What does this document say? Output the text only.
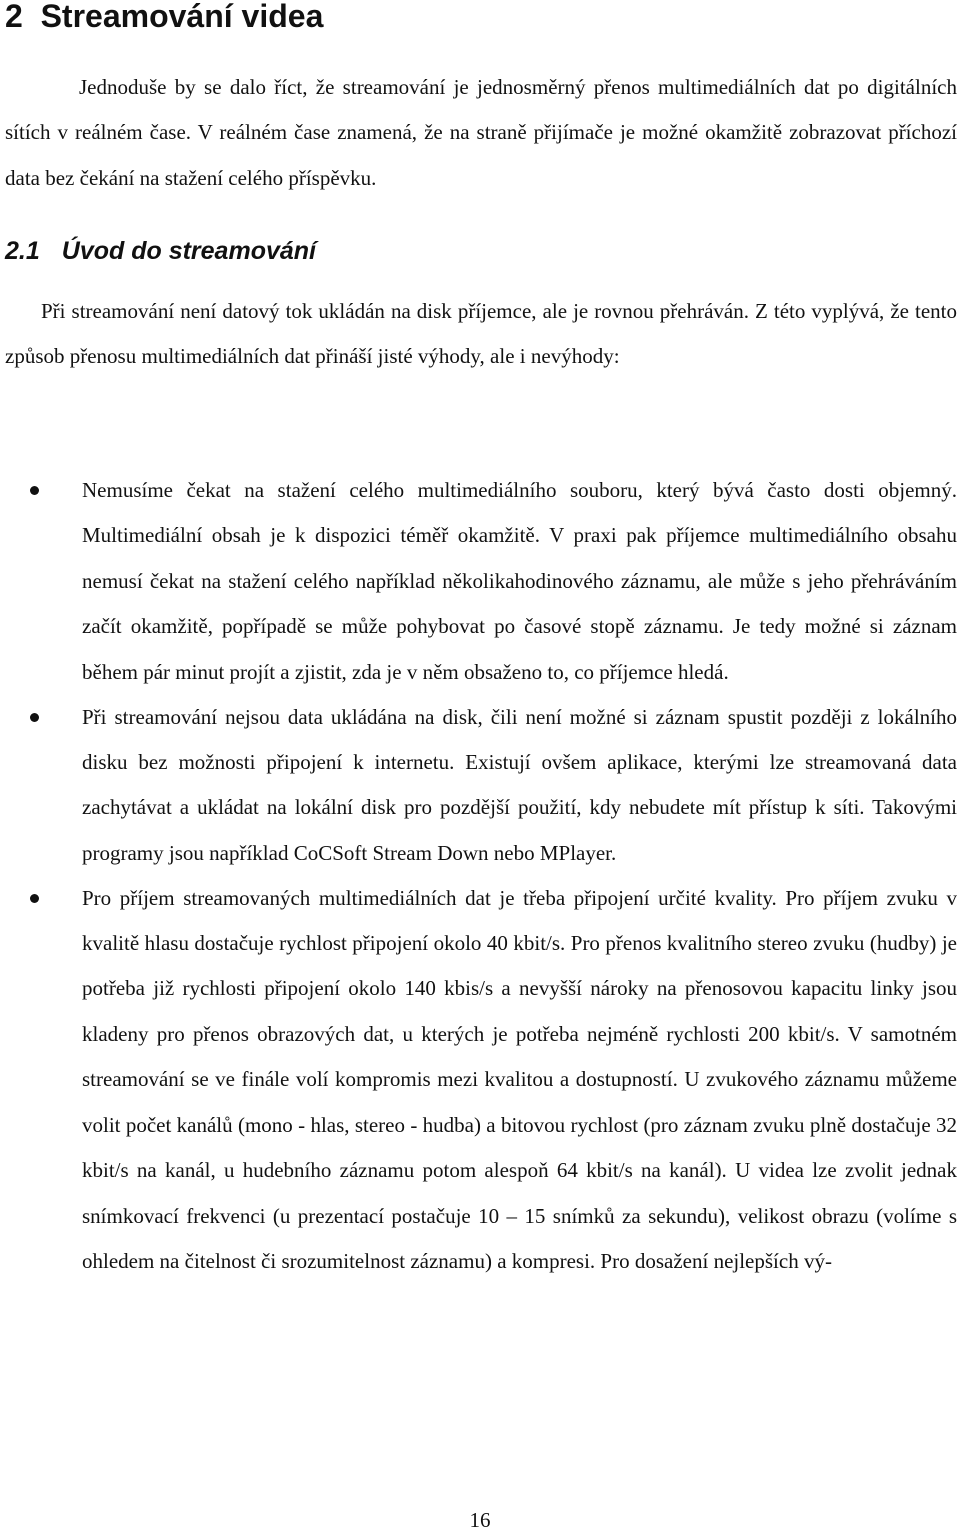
2 Streamování videa

Jednoduše by se dalo říct, že streamování je jednosměrný přenos multimediálních dat po digitálních sítích v reálném čase. V reálném čase znamená, že na straně přijímače je možné okamžitě zobrazovat příchozí data bez čekání na stažení celého příspěvku.

2.1 Úvod do streamování

Při streamování není datový tok ukládán na disk příjemce, ale je rovnou přehráván. Z této vyplývá, že tento způsob přenosu multimediálních dat přináší jisté výhody, ale i nevýhody:

Nemusíme čekat na stažení celého multimediálního souboru, který bývá často dosti objemný. Multimediální obsah je k dispozici téměř okamžitě. V praxi pak příjemce multimediálního obsahu nemusí čekat na stažení celého například několikahodinového záznamu, ale může s jeho přehráváním začít okamžitě, popřípadě se může pohybovat po časové stopě záznamu. Je tedy možné si záznam během pár minut projít a zjistit, zda je v něm obsaženo to, co příjemce hledá.

Při streamování nejsou data ukládána na disk, čili není možné si záznam spustit později z lokálního disku bez možnosti připojení k internetu. Existují ovšem aplikace, kterými lze streamovaná data zachytávat a ukládat na lokální disk pro pozdější použití, kdy nebudete mít přístup k síti. Takovými programy jsou například CoCSoft Stream Down nebo MPlayer.

Pro příjem streamovaných multimediálních dat je třeba připojení určité kvality. Pro příjem zvuku v kvalitě hlasu dostačuje rychlost připojení okolo 40 kbit/s. Pro přenos kvalitního stereo zvuku (hudby) je potřeba již rychlosti připojení okolo 140 kbis/s a nevyšší nároky na přenosovou kapacitu linky jsou kladeny pro přenos obrazových dat, u kterých je potřeba nejméně rychlosti 200 kbit/s. V samotném streamování se ve finále volí kompromis mezi kvalitou a dostupností. U zvukového záznamu můžeme volit počet kanálů (mono - hlas, stereo - hudba) a bitovou rychlost (pro záznam zvuku plně dostačuje 32 kbit/s na kanál, u hudebního záznamu potom alespoň 64 kbit/s na kanál). U videa lze zvolit jednak snímkovací frekvenci (u prezentací postačuje 10 – 15 snímků za sekundu), velikost obrazu (volíme s ohledem na čitelnost či srozumitelnost záznamu) a kompresi. Pro dosažení nejlepších vý-

16
